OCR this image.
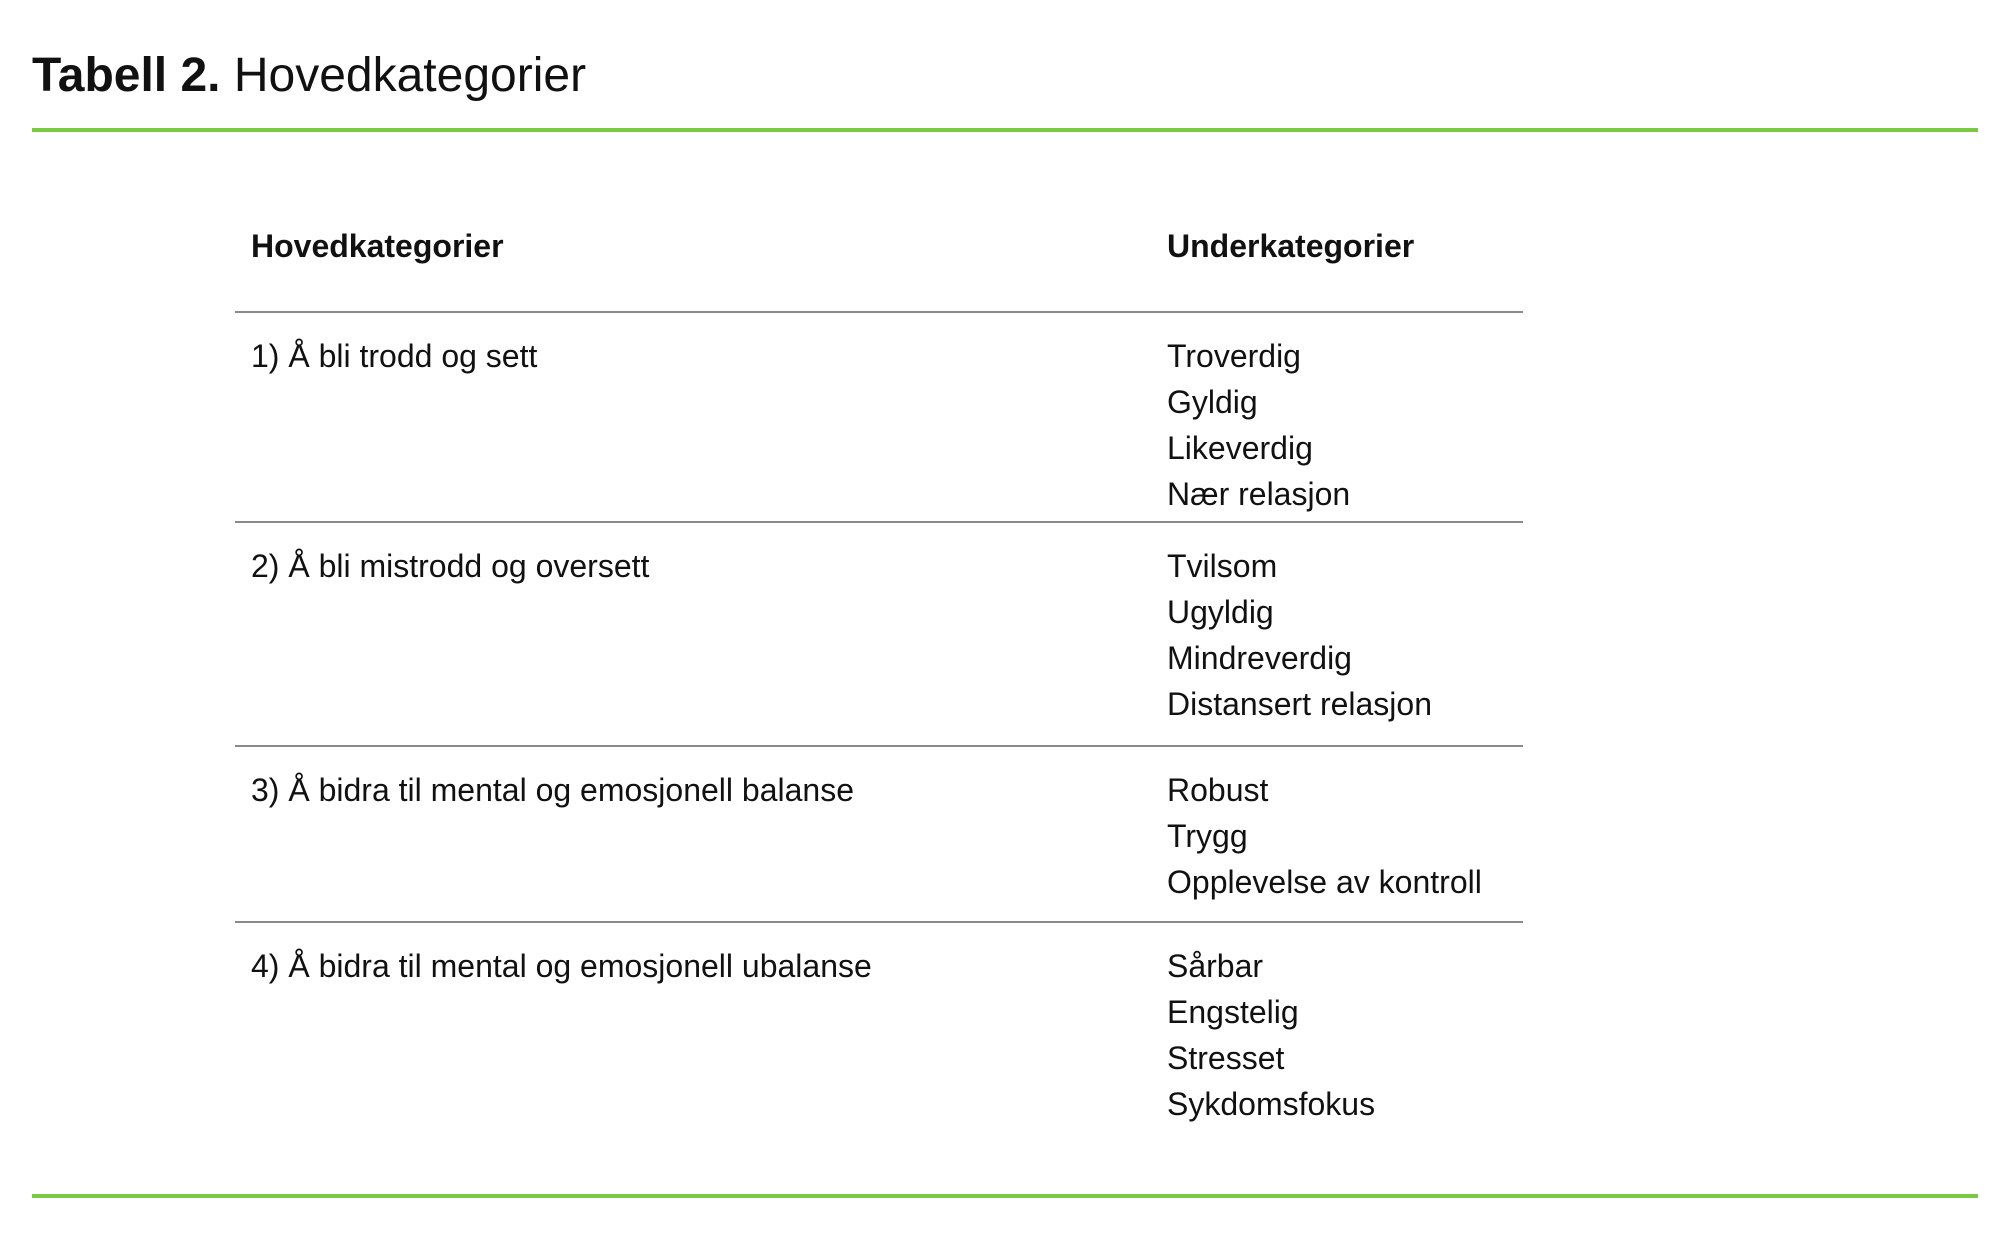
Tabell 2. Hovedkategorier
Hovedkategorier	Underkategorier
1) Å bli trodd og sett	Troverdig
Gyldig
Likeverdig
Nær relasjon
2) Å bli mistrodd og oversett	Tvilsom
Ugyldig
Mindreverdig
Distansert relasjon
3) Å bidra til mental og emosjonell balanse	Robust
Trygg
Opplevelse av kontroll
4) Å bidra til mental og emosjonell ubalanse	Sårbar
Engstelig
Stresset
Sykdomsfokus
